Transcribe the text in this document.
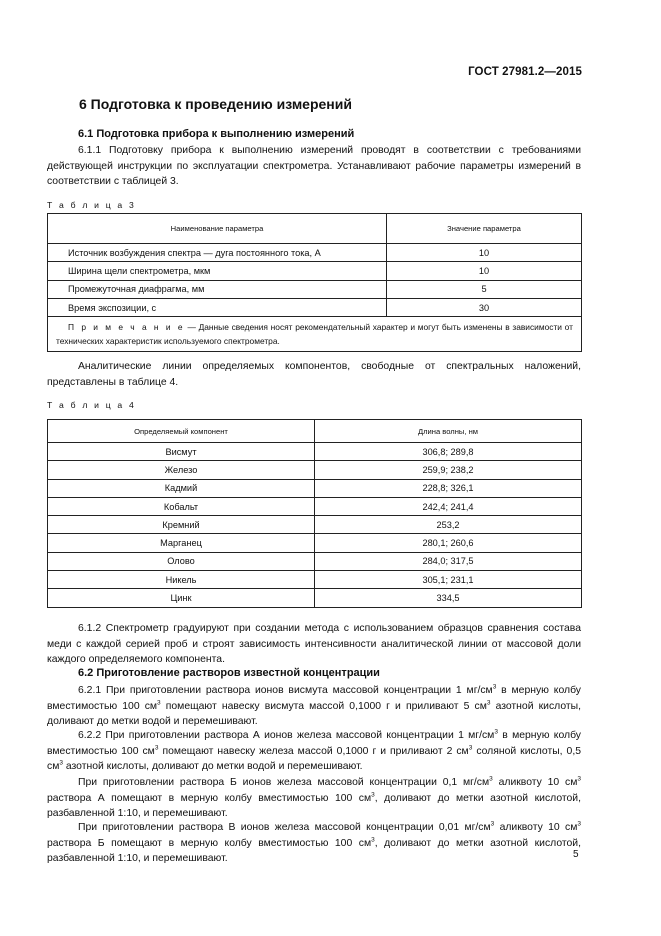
ГОСТ 27981.2—2015
6 Подготовка к проведению измерений
6.1 Подготовка прибора к выполнению измерений

6.1.1 Подготовку прибора к выполнению измерений проводят в соответствии с требованиями действующей инструкции по эксплуатации спектрометра. Устанавливают рабочие параметры измерений в соответствии с таблицей 3.

Т а б л и ц а 3
Наименование параметра	Значение параметра
Источник возбуждения спектра — дуга постоянного тока, А	10
Ширина щели спектрометра, мкм	10
Промежуточная диафрагма, мм	5
Время экспозиции, с	30
П р и м е ч а н и е — Данные сведения носят рекомендательный характер и могут быть изменены в зависимости от технических характеристик используемого спектрометра.	

Аналитические линии определяемых компонентов, свободные от спектральных наложений, представлены в таблице 4.

Т а б л и ц а 4
Определяемый компонент	Длина волны, нм
Висмут	306,8; 289,8
Железо	259,9; 238,2
Кадмий	228,8; 326,1
Кобальт	242,4; 241,4
Кремний	253,2
Марганец	280,1; 260,6
Олово	284,0; 317,5
Никель	305,1; 231,1
Цинк	334,5

6.1.2 Спектрометр градуируют при создании метода с использованием образцов сравнения состава меди с каждой серией проб и строят зависимость интенсивности аналитической линии от массовой доли каждого определяемого компонента.

6.2 Приготовление растворов известной концентрации

6.2.1 При приготовлении раствора ионов висмута массовой концентрации 1 $мг/см^3$ в мерную колбу вместимостью 100 $см^3$ помещают навеску висмута массой 0,1000 г и приливают 5 $см^3$ азотной кислоты, доливают до метки водой и перемешивают.

6.2.2 При приготовлении раствора А ионов железа массовой концентрации 1 $мг/см^3$ в мерную колбу вместимостью 100 $см^3$ помещают навеску железа массой 0,1000 г и приливают 2 $см^3$ соляной кислоты, 0,5 $см^3$ азотной кислоты, доливают до метки водой и перемешивают.

При приготовлении раствора Б ионов железа массовой концентрации 0,1 $мг/см^3$ аликвоту 10 $см^3$ раствора А помещают в мерную колбу вместимостью 100 $см^3$, доливают до метки азотной кислотой, разбавленной 1:10, и перемешивают.

При приготовлении раствора В ионов железа массовой концентрации 0,01 $мг/см^3$ аликвоту 10 $см^3$ раствора Б помещают в мерную колбу вместимостью 100 $см^3$, доливают до метки азотной кислотой, разбавленной 1:10, и перемешивают.	5
